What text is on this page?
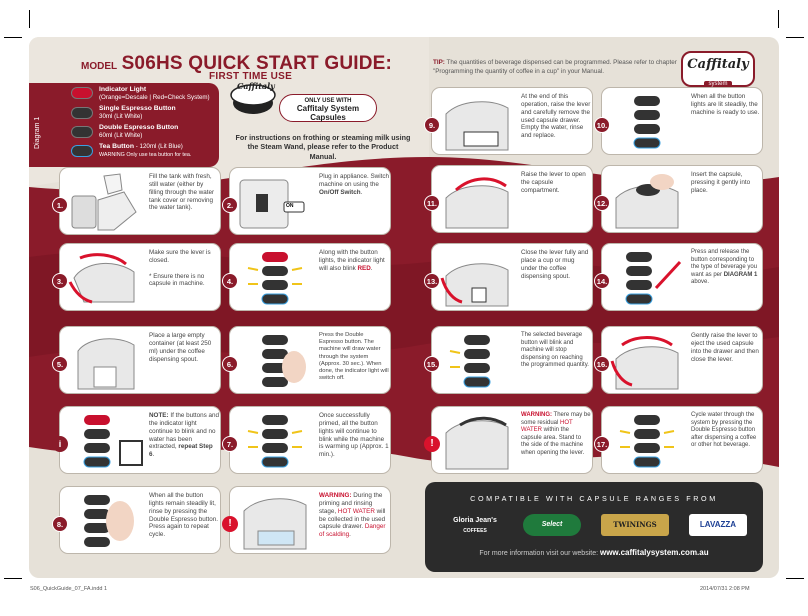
MODEL S06HS QUICK START GUIDE:
FIRST TIME USE
TIP: The quantities of beverage dispensed can be programmed. Please refer to chapter "Programming the quantity of coffee in a cup" in your Manual.	Caffitaly
system
Diagram 1
Indicator Light
(Orange=Descale | Red=Check System)
Single Espresso Button
30ml (Lit White)
Double Espresso Button
60ml (Lit White)
Tea Button - 120ml (Lit Blue)
WARNING Only use tea button for tea.
Caffitaly
ONLY USE WITH
Caffitaly System
Capsules
For instructions on frothing or steaming milk using the Steam Wand, please refer to the Product Manual.
Fill the tank with fresh, still water (either by filling through the water tank cover or removing the water tank).
1.
Make sure the lever is closed.

* Ensure there is no capsule in machine.
3.
Place a large empty container (at least 250 ml) under the coffee dispensing spout.
5.
NOTE: If the buttons and the indicator light continue to blink and no water has been extracted, repeat Step 6.
i
When all the button lights remain steadily lit, rinse by pressing the Double Espresso button. Press again to repeat cycle.
8.
ON
Plug in appliance. Switch machine on using the On/Off Switch.
2.
Along with the button lights, the indicator light will also blink RED.
4.
Press the Double Espresso button. The machine will draw water through the system (Approx. 30 sec.). When done, the indicator light will switch off.
6.
Once successfully primed, all the button lights will continue to blink while the machine is warming up (Approx. 1 min.).
7.
WARNING: During the priming and rinsing stage, HOT WATER will be collected in the used capsule drawer. Danger of scalding.
!
At the end of this operation, raise the lever and carefully remove the used capsule drawer. Empty the water, rinse and replace.
9.
Raise the lever to open the capsule compartment.
11.
Close the lever fully and place a cup or mug under the coffee dispensing spout.
13.
The selected beverage button will blink and machine will stop dispensing on reaching the programmed quantity.
15.
WARNING: There may be some residual HOT WATER within the capsule area. Stand to the side of the machine when opening the lever.
!
When all the button lights are lit steadily, the machine is ready to use.
10.
Insert the capsule, pressing it gently into place.
12.
Press and release the button corresponding to the type of beverage you want as per DIAGRAM 1 above.
14.
Gently raise the lever to eject the used capsule into the drawer and then close the lever.
16.
Cycle water through the system by pressing the Double Espresso button after dispensing a coffee or other hot beverage.
17.
COMPATIBLE WITH CAPSULE RANGES FROM
Gloria Jean's
COFFEES
Select	TWININGS	LAVAZZA
For more information visit our website: www.caffitalysystem.com.au
S06_QuickGuide_07_FA.indd 1	2014/07/31 2:08 PM
